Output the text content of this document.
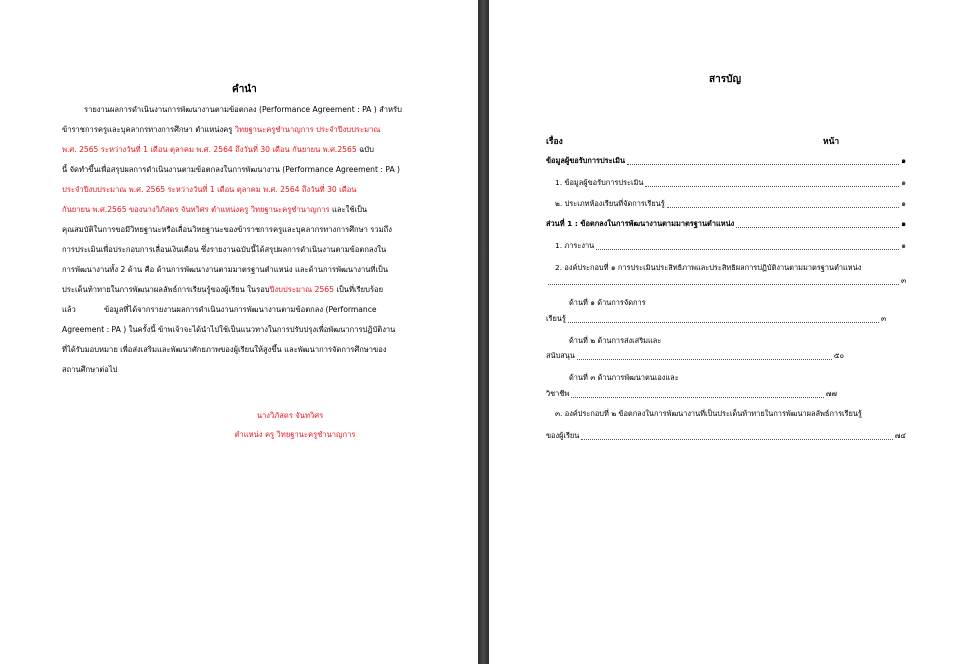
คำนำ
รายงานผลการดำเนินงานการพัฒนางานตามข้อตกลง (Performance Agreement : PA ) สำหรับ
ข้าราชการครูและบุคลากรทางการศึกษา ตำแหน่งครู วิทยฐานะครูชำนาญการ ประจำปีงบประมาณ
พ.ศ. 2565 ระหว่างวันที่ 1 เดือน ตุลาคม พ.ศ. 2564 ถึงวันที่ 30 เดือน กันยายน พ.ศ.2565 ฉบับ
นี้ จัดทำขึ้นเพื่อสรุปผลการดำเนินงานตามข้อตกลงในการพัฒนางาน (Performance Agreement : PA )
ประจำปีงบประมาณ พ.ศ. 2565 ระหว่างวันที่ 1 เดือน ตุลาคม พ.ศ. 2564 ถึงวันที่ 30 เดือน
กันยายน พ.ศ.2565 ของนางวิภัสดร จันทวิศร ตำแหน่งครู วิทยฐานะครูชำนาญการ และใช้เป็น
คุณสมบัติในการขอมีวิทยฐานะหรือเลื่อนวิทยฐานะของข้าราชการครูและบุคลากรทางการศึกษา รวมถึง
การประเมินเพื่อประกอบการเลื่อนเงินเดือน ซึ่งรายงานฉบับนี้ได้สรุปผลการดำเนินงานตามข้อตกลงใน
การพัฒนางานทั้ง 2 ด้าน คือ ด้านการพัฒนางานตามมาตรฐานตำแหน่ง และด้านการพัฒนางานที่เป็น
ประเด็นท้าทายในการพัฒนาผลลัพธ์การเรียนรู้ของผู้เรียน ในรอบปีงบประมาณ 2565 เป็นที่เรียบร้อย
แล้ว	ข้อมูลที่ได้จากรายงานผลการดำเนินงานการพัฒนางานตามข้อตกลง (Performance
Agreement : PA ) ในครั้งนี้ ข้าพเจ้าจะได้นำไปใช้เป็นแนวทางในการปรับปรุงเพื่อพัฒนาการปฏิบัติงาน
ที่ได้รับมอบหมาย เพื่อส่งเสริมและพัฒนาศักยภาพของผู้เรียนให้สูงขึ้น และพัฒนาการจัดการศึกษาของ
สถานศึกษาต่อไป
นางวิภัสดร จันทวิศร
ตำแหน่ง ครู วิทยฐานะครูชำนาญการ
สารบัญ
เรื่อง	หน้า
ข้อมูลผู้ขอรับการประเมิน	๑
1. ข้อมูลผู้ขอรับการประเมิน	๑
๒. ประเภทห้องเรียนที่จัดการเรียนรู้	๑
ส่วนที่ 1 : ข้อตกลงในการพัฒนางานตามมาตรฐานตำแหน่ง	๑
1. ภาระงาน	๑
2. องค์ประกอบที่ ๑ การประเมินประสิทธิภาพและประสิทธิผลการปฏิบัติงานตามมาตรฐานตำแหน่ง
๓
ด้านที่ ๑ ด้านการจัดการ
เรียนรู้	๓
ด้านที่ ๒ ด้านการส่งเสริมและ
สนับสนุน	๕๐
ด้านที่ ๓ ด้านการพัฒนาตนเองและ
วิชาชีพ	๗๗
๓. องค์ประกอบที่ ๒ ข้อตกลงในการพัฒนางานที่เป็นประเด็นท้าทายในการพัฒนาผลลัพธ์การเรียนรู้
ของผู้เรียน	๗๔
